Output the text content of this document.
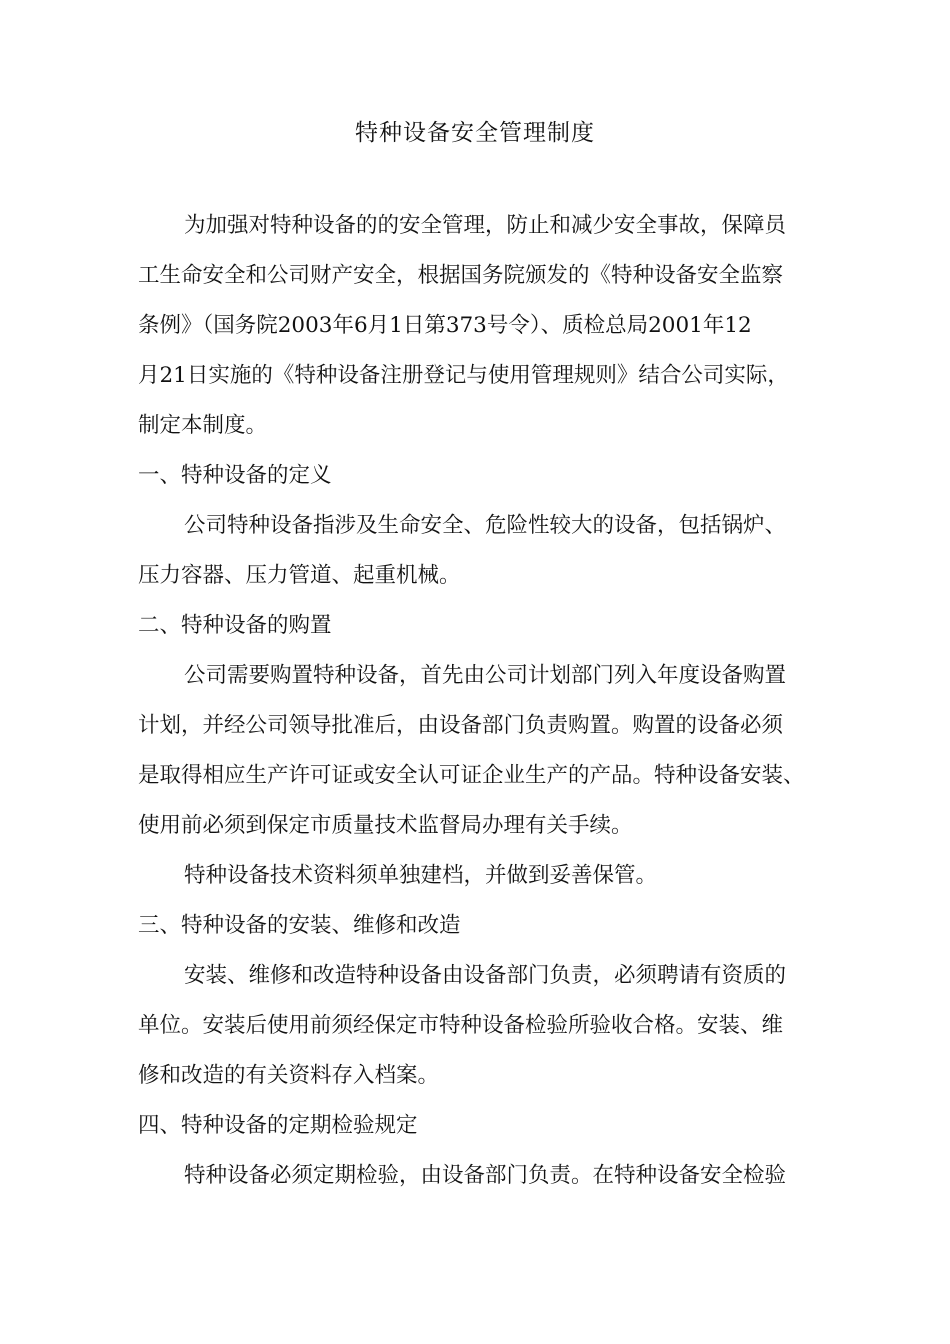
特种设备安全管理制度
为加强对特种设备的的安全管理，防止和减少安全事故，保障员
工生命安全和公司财产安全，根据国务院颁发的《特种设备安全监察
条例》（国务院2003年6月1日第373号令）、质检总局2001年12
月21日实施的《特种设备注册登记与使用管理规则》结合公司实际，
制定本制度。
一、特种设备的定义
公司特种设备指涉及生命安全、危险性较大的设备，包括锅炉、
压力容器、压力管道、起重机械。
二、特种设备的购置
公司需要购置特种设备，首先由公司计划部门列入年度设备购置
计划，并经公司领导批准后，由设备部门负责购置。购置的设备必须
是取得相应生产许可证或安全认可证企业生产的产品。特种设备安装、
使用前必须到保定市质量技术监督局办理有关手续。
特种设备技术资料须单独建档，并做到妥善保管。
三、特种设备的安装、维修和改造
安装、维修和改造特种设备由设备部门负责，必须聘请有资质的
单位。安装后使用前须经保定市特种设备检验所验收合格。安装、维
修和改造的有关资料存入档案。
四、特种设备的定期检验规定
特种设备必须定期检验，由设备部门负责。在特种设备安全检验
